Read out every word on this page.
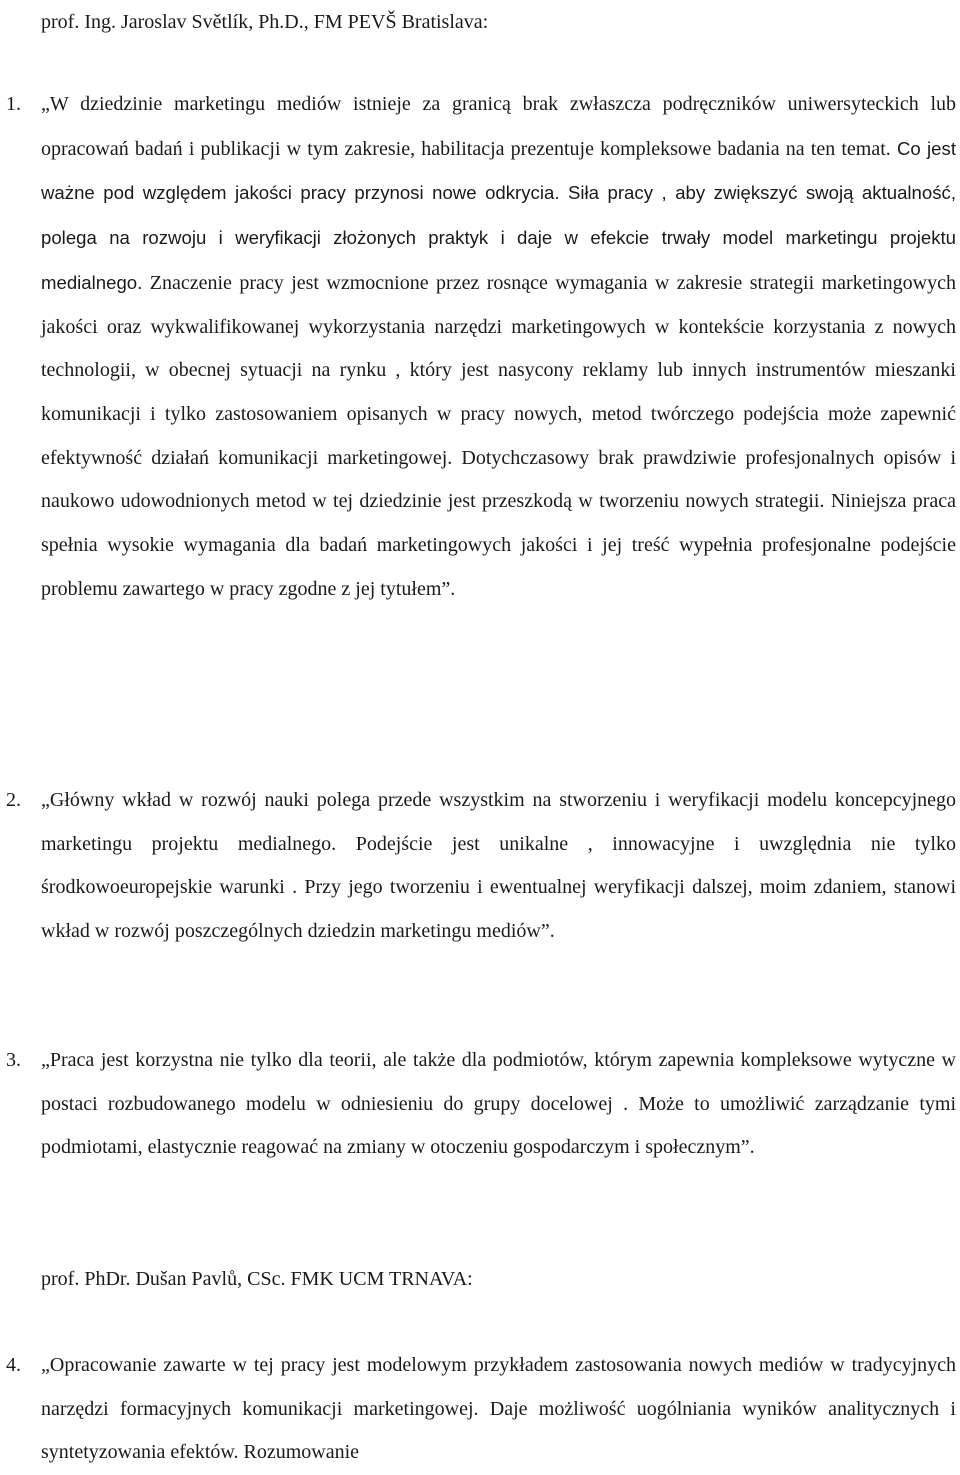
prof. Ing. Jaroslav Světlík, Ph.D., FM PEVŠ Bratislava:
1. „W dziedzinie marketingu mediów istnieje za granicą brak zwłaszcza podręczników uniwersyteckich lub opracowań badań i publikacji w tym zakresie, habilitacja prezentuje kompleksowe badania na ten temat. Co jest ważne pod względem jakości pracy przynosi nowe odkrycia. Siła pracy , aby zwiększyć swoją aktualność, polega na rozwoju i weryfikacji złożonych praktyk i daje w efekcie trwały model marketingu projektu medialnego. Znaczenie pracy jest wzmocnione przez rosnące wymagania w zakresie strategii marketingowych jakości oraz wykwalifikowanej wykorzystania narzędzi marketingowych w kontekście korzystania z nowych technologii, w obecnej sytuacji na rynku , który jest nasycony reklamy lub innych instrumentów mieszanki komunikacji i tylko zastosowaniem opisanych w pracy nowych, metod twórczego podejścia może zapewnić efektywność działań komunikacji marketingowej. Dotychczasowy brak prawdziwie profesjonalnych opisów i naukowo udowodnionych metod w tej dziedzinie jest przeszkodą w tworzeniu nowych strategii. Niniejsza praca spełnia wysokie wymagania dla badań marketingowych jakości i jej treść wypełnia profesjonalne podejście problemu zawartego w pracy zgodne z jej tytułem”.

2. „Główny wkład w rozwój nauki polega przede wszystkim na stworzeniu i weryfikacji modelu koncepcyjnego marketingu projektu medialnego. Podejście jest unikalne , innowacyjne i uwzględnia nie tylko środkowoeuropejskie warunki . Przy jego tworzeniu i ewentualnej weryfikacji dalszej, moim zdaniem, stanowi wkład w rozwój poszczególnych dziedzin marketingu mediów”.

3. „Praca jest korzystna nie tylko dla teorii, ale także dla podmiotów, którym zapewnia kompleksowe wytyczne w postaci rozbudowanego modelu w odniesieniu do grupy docelowej . Może to umożliwić zarządzanie tymi podmiotami, elastycznie reagować na zmiany w otoczeniu gospodarczym i społecznym”.

prof. PhDr. Dušan Pavlů, CSc. FMK UCM TRNAVA:
4. „Opracowanie zawarte w tej pracy jest modelowym przykładem zastosowania nowych mediów w tradycyjnych narzędzi formacyjnych komunikacji marketingowej. Daje możliwość uogólniania wyników analitycznych i syntetyzowania efektów. Rozumowanie
